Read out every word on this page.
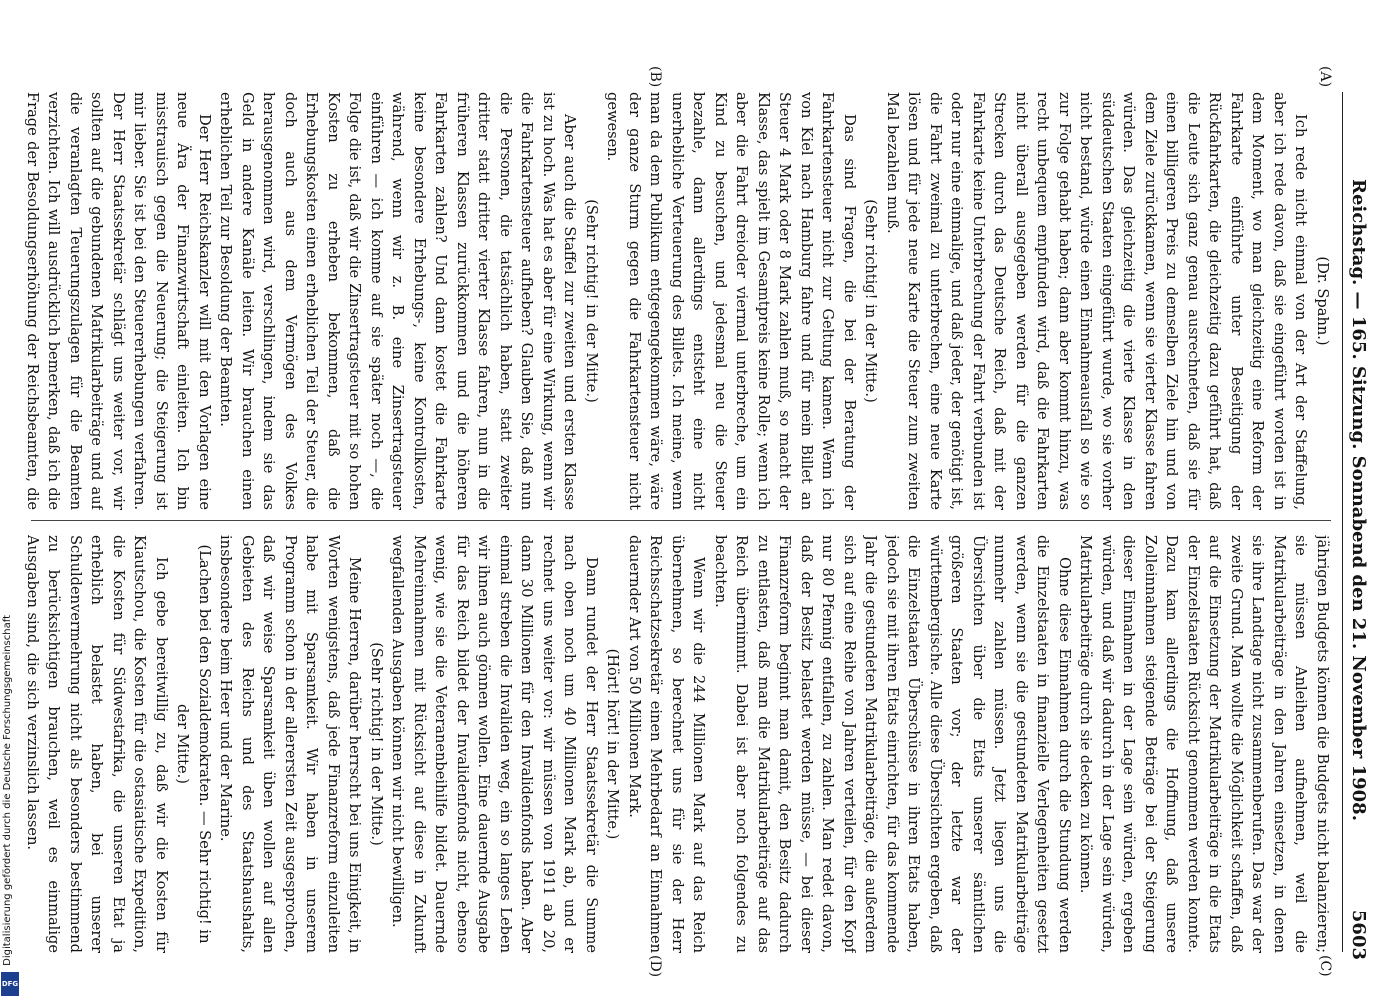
Reichstag. — 165. Sitzung. Sonnabend den 21. November 1908.
5603
(A)
(B)
(C)
(D)

(Dr. Spahn.)

Ich rede nicht einmal von der Art der Staffelung, aber ich rede davon, daß sie eingeführt worden ist in dem Moment, wo man gleichzeitig eine Reform der Fahrkarte einführte unter Beseitigung der Rückfahrkarten, die gleichzeitig dazu geführt hat, daß die Leute sich ganz genau ausrechneten, daß sie für einen billigeren Preis zu demselben Ziele hin und von dem Ziele zurückkamen, wenn sie vierter Klasse fahren würden. Das gleichzeitig die vierte Klasse in den süddeutschen Staaten eingeführt wurde, wo sie vorher nicht bestand, würde einen Einnahmeausfall so wie so zur Folge gehabt haben; dann aber kommt hinzu, was recht unbequem empfunden wird, daß die Fahrkarten nicht überall ausgegeben werden für die ganzen Strecken durch das Deutsche Reich, daß mit der Fahrkarte keine Unterbrechung der Fahrt verbunden ist oder nur eine einmalige, und daß jeder, der genötigt ist, die Fahrt zweimal zu unterbrechen, eine neue Karte lösen und für jede neue Karte die Steuer zum zweiten Mal bezahlen muß.

(Sehr richtig! in der Mitte.)

Das sind Fragen, die bei der Beratung der Fahrkartensteuer nicht zur Geltung kamen. Wenn ich von Kiel nach Hamburg fahre und für mein Billet an Steuer 4 Mark oder 8 Mark zahlen muß, so macht der Klasse, das spielt im Gesamtpreis keine Rolle; wenn ich aber die Fahrt dreioder viermal unterbreche, um ein Kind zu besuchen, und jedesmal neu die Steuer bezahle, dann allerdings entsteht eine nicht unerhebliche Verteuerung des Billets. Ich meine, wenn man da dem Publikum entgegengekommen wäre, wäre der ganze Sturm gegen die Fahrkartensteuer nicht gewesen.

(Sehr richtig! in der Mitte.)

Aber auch die Staffel zur zweiten und ersten Klasse ist zu hoch. Was hat es aber für eine Wirkung, wenn wir die Fahrkartensteuer aufheben? Glauben Sie, daß nun die Personen, die tatsächlich haben, statt zweiter dritter statt dritter vierter Klasse fahren, nun in die früheren Klassen zurückkommen und die höheren Fahrkarten zahlen? Und dann kostet die Fahrkarte keine besondere Erhebungs-, keine Kontrollkosten, während, wenn wir z. B. eine Zinsertragsteuer einführen — ich komme auf sie später noch —, die Folge die ist, daß wir die Zinsertragsteuer mit so hohen Kosten zu erheben bekommen, daß die Erhebungskosten einen erheblichen Teil der Steuer, die doch auch aus dem Vermögen des Volkes herausgenommen wird, verschlingen, indem sie das Geld in andere Kanäle leiten. Wir brauchen einen erheblichen Teil zur Besoldung der Beamten.

Der Herr Reichskanzler will mit den Vorlagen eine neue Ära der Finanzwirtschaft einleiten. Ich bin misstrauisch gegen die Neuerung; die Steigerung ist mir lieber. Sie ist bei den Steuererhebungen verfahren. Der Herr Staatssekretär schlägt uns weiter vor, wir sollten auf die gebundenen Matrikularbeiträge und auf die veranlagten Teuerungszulagen für die Beamten verzichten. Ich will ausdrücklich bemerken, daß ich die Frage der Besoldungserhöhung der Reichsbeamten, die

jährigen Budgets können die Budgets nicht balanzieren; sie müssen Anleihen aufnehmen, weil die Matrikularbeiträge in den Jahren einsetzen, in denen sie ihre Landtage nicht zusammenberufen. Das war der zweite Grund. Man wollte die Möglichkeit schaffen, daß auf die Einsetzung der Matrikularbeiträge in die Etats der Einzelstaaten Rücksicht genommen werden konnte. Dazu kam allerdings die Hoffnung, daß unsere Zolleinnahmen steigende Beträge bei der Steigerung dieser Einnahmen in der Lage sein würden, ergeben würden, und daß wir dadurch in der Lage sein würden, Matrikularbeiträge durch sie decken zu können.

Ohne diese Einnahmen durch die Stundung werden die Einzelstaaten in finanzielle Verlegenheiten gesetzt werden, wenn sie die gestundeten Matrikularbeiträge nunmehr zahlen müssen. Jetzt liegen uns die Übersichten über die Etats unserer sämtlichen größeren Staaten vor; der letzte war der württembergische. Alle diese Übersichten ergeben, daß die Einzelstaaten Überschüsse in ihren Etats haben, jedoch sie mit ihren Etats einrichten, für das kommende Jahr die gestundeten Matrikularbeiträge, die außerdem sich auf eine Reihe von Jahren verteilen, für den Kopf nur 80 Pfennig entfallen, zu zahlen. Man redet davon, daß der Besitz belastet werden müsse, — bei dieser Finanzreform beginnt man damit, den Besitz dadurch zu entlasten, daß man die Matrikularbeiträge auf das Reich übernimmt. Dabei ist aber noch folgendes zu beachten.

Wenn wir die 244 Millionen Mark auf das Reich übernehmen, so berechnet uns für sie der Herr Reichsschatzsekretär einen Mehrbedarf an Einnahmen dauernder Art von 50 Millionen Mark.

(Hört! hört! in der Mitte.)

Dann rundet der Herr Staatssekretär die Summe nach oben noch um 40 Millionen Mark ab, und er rechnet uns weiter vor: wir müssen von 1911 ab 20, dann 30 Millionen für den Invalidenfonds haben. Aber einmal streben die Invaliden weg, ein so langes Leben wir ihnen auch gönnen wollen. Eine dauernde Ausgabe für das Reich bildet der Invalidenfonds nicht, ebenso wenig, wie sie die Veteranenbeihilfe bildet. Dauernde Mehreinnahmen mit Rücksicht auf diese in Zukunft wegfallenden Ausgaben können wir nicht bewilligen.

(Sehr richtig! in der Mitte.)

Meine Herren, darüber herrscht bei uns Einigkeit, in Worten wenigstens, daß jede Finanzreform einzuleiten habe mit Sparsamkeit. Wir haben in unserem Programm schon in der allerersten Zeit ausgesprochen, daß wir weise Sparsamkeit üben wollen auf allen Gebieten des Reichs und des Staatshaushalts, insbesondere beim Heer und der Marine.

(Lachen bei den Sozialdemokraten. — Sehr richtig! in der Mitte.)

Ich gebe bereitwillig zu, daß wir die Kosten für Kiautschou, die Kosten für die ostasiatische Expedition, die Kosten für Südwestafrika, die unseren Etat ja erheblich belastet haben, bei unserer Schuldenvermehrung nicht als besonders bestimmend zu berücksichtigen brauchen, weil es einmalige Ausgaben sind, die sich verzinslich lassen.

Digitalisierung gefördert durch die Deutsche Forschungsgemeinschaft
DFG
